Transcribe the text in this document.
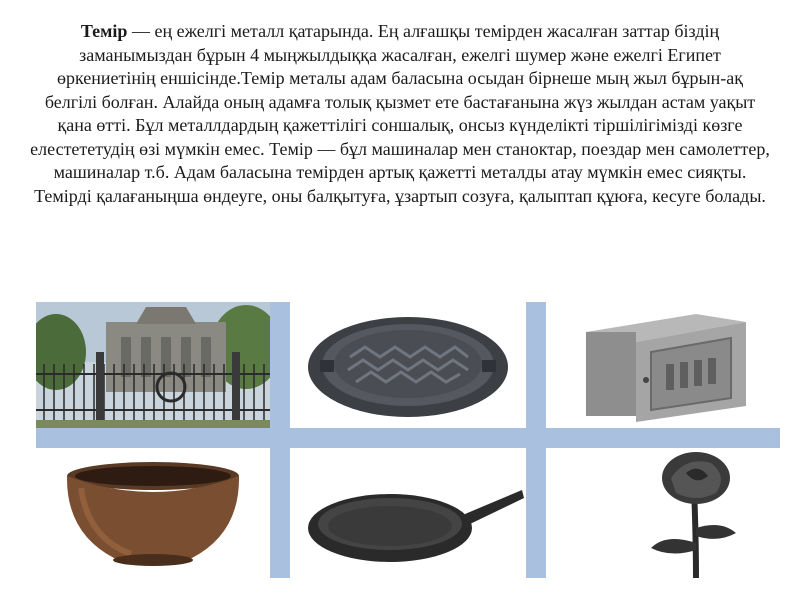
Темір — ең ежелгі металл қатарында. Ең алғашқы темірден жасалған заттар біздің заманымыздан бұрын 4 мыңжылдыққа жасалған, ежелгі шумер және ежелгі Египет өркениетінің еншісінде.Темір металы адам баласына осыдан бірнеше мың жыл бұрын-ақ белгілі болған. Алайда оның адамға толық қызмет ете бастағанына жүз жылдан астам уақыт қана өтті. Бұл металлдардың қажеттілігі соншалық, онсыз күнделікті тіршілігімізді көзге елестететудің өзі мүмкін емес. Темір — бұл машиналар мен станоктар, поездар мен самолеттер, машиналар т.б. Адам баласына темірден артық қажетті металды атау мүмкін емес сияқты. Темірді қалағаныңша өндеуге, оны балқытуға, ұзартып созуға, қалыптап құюға, кесуге болады.
